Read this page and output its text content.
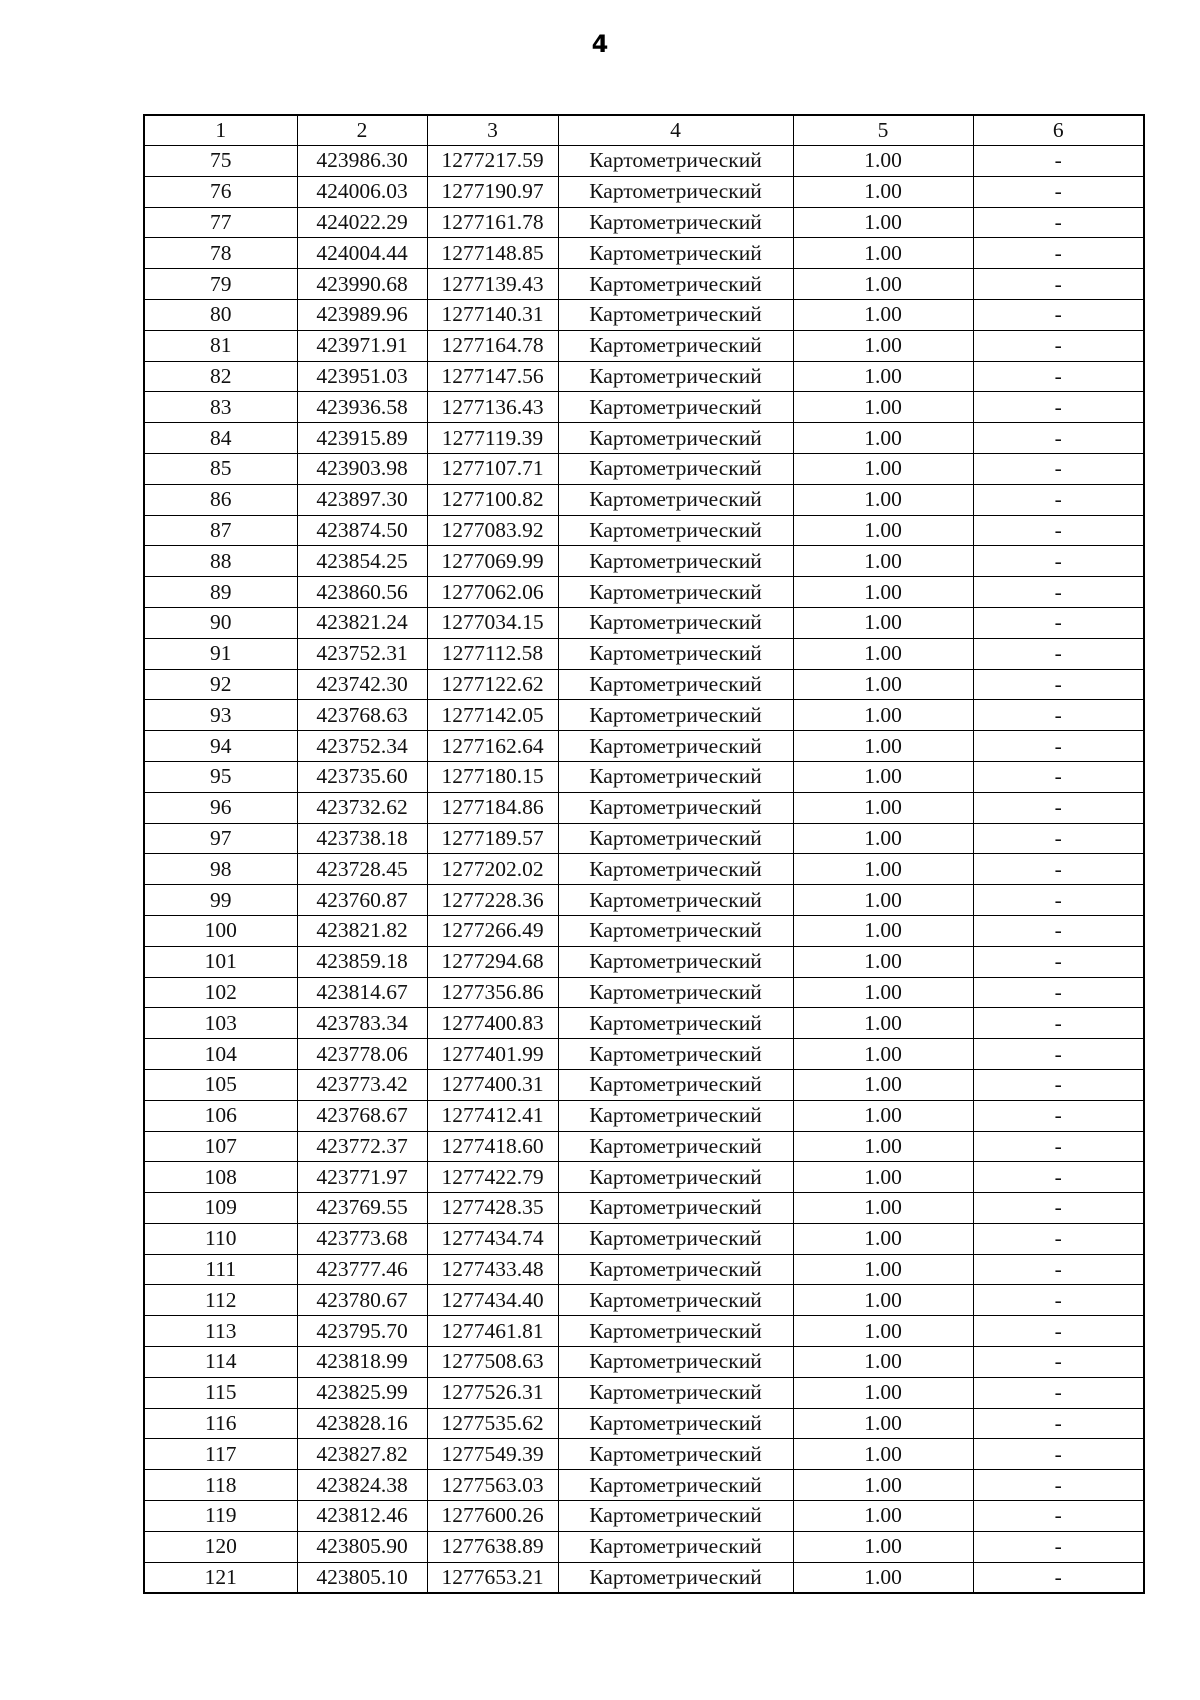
4
1	2	3	4	5	6
75	423986.30	1277217.59	Картометрический	1.00	-
76	424006.03	1277190.97	Картометрический	1.00	-
77	424022.29	1277161.78	Картометрический	1.00	-
78	424004.44	1277148.85	Картометрический	1.00	-
79	423990.68	1277139.43	Картометрический	1.00	-
80	423989.96	1277140.31	Картометрический	1.00	-
81	423971.91	1277164.78	Картометрический	1.00	-
82	423951.03	1277147.56	Картометрический	1.00	-
83	423936.58	1277136.43	Картометрический	1.00	-
84	423915.89	1277119.39	Картометрический	1.00	-
85	423903.98	1277107.71	Картометрический	1.00	-
86	423897.30	1277100.82	Картометрический	1.00	-
87	423874.50	1277083.92	Картометрический	1.00	-
88	423854.25	1277069.99	Картометрический	1.00	-
89	423860.56	1277062.06	Картометрический	1.00	-
90	423821.24	1277034.15	Картометрический	1.00	-
91	423752.31	1277112.58	Картометрический	1.00	-
92	423742.30	1277122.62	Картометрический	1.00	-
93	423768.63	1277142.05	Картометрический	1.00	-
94	423752.34	1277162.64	Картометрический	1.00	-
95	423735.60	1277180.15	Картометрический	1.00	-
96	423732.62	1277184.86	Картометрический	1.00	-
97	423738.18	1277189.57	Картометрический	1.00	-
98	423728.45	1277202.02	Картометрический	1.00	-
99	423760.87	1277228.36	Картометрический	1.00	-
100	423821.82	1277266.49	Картометрический	1.00	-
101	423859.18	1277294.68	Картометрический	1.00	-
102	423814.67	1277356.86	Картометрический	1.00	-
103	423783.34	1277400.83	Картометрический	1.00	-
104	423778.06	1277401.99	Картометрический	1.00	-
105	423773.42	1277400.31	Картометрический	1.00	-
106	423768.67	1277412.41	Картометрический	1.00	-
107	423772.37	1277418.60	Картометрический	1.00	-
108	423771.97	1277422.79	Картометрический	1.00	-
109	423769.55	1277428.35	Картометрический	1.00	-
110	423773.68	1277434.74	Картометрический	1.00	-
111	423777.46	1277433.48	Картометрический	1.00	-
112	423780.67	1277434.40	Картометрический	1.00	-
113	423795.70	1277461.81	Картометрический	1.00	-
114	423818.99	1277508.63	Картометрический	1.00	-
115	423825.99	1277526.31	Картометрический	1.00	-
116	423828.16	1277535.62	Картометрический	1.00	-
117	423827.82	1277549.39	Картометрический	1.00	-
118	423824.38	1277563.03	Картометрический	1.00	-
119	423812.46	1277600.26	Картометрический	1.00	-
120	423805.90	1277638.89	Картометрический	1.00	-
121	423805.10	1277653.21	Картометрический	1.00	-
